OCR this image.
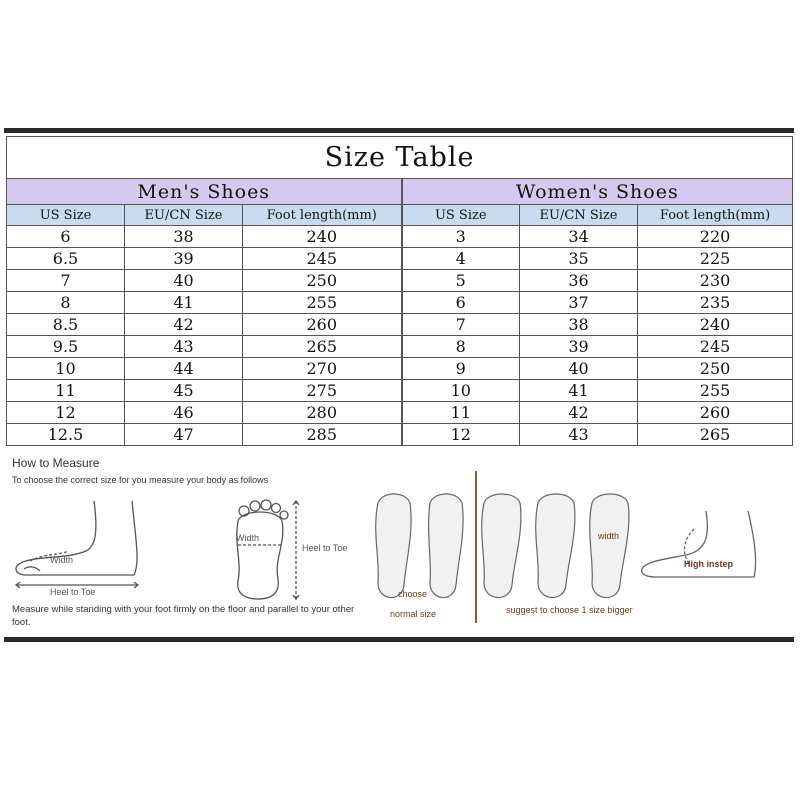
Size Table					
Men's Shoes			Women's Shoes		
US Size	EU/CN Size	Foot length(mm)	US Size	EU/CN Size	Foot length(mm)
6	38	240	3	34	220
6.5	39	245	4	35	225
7	40	250	5	36	230
8	41	255	6	37	235
8.5	42	260	7	38	240
9.5	43	265	8	39	245
10	44	270	9	40	250
11	45	275	10	41	255
12	46	280	11	42	260
12.5	47	285	12	43	265
How to Measure
To choose the correct size for you measure your body as follows
Width
Heel to Toe
Width
Heel to Toe
Measure while standing with your foot firmly on the floor and parallel to your other foot.
choose
normal size
width
suggest to choose 1 size bigger
High instep
